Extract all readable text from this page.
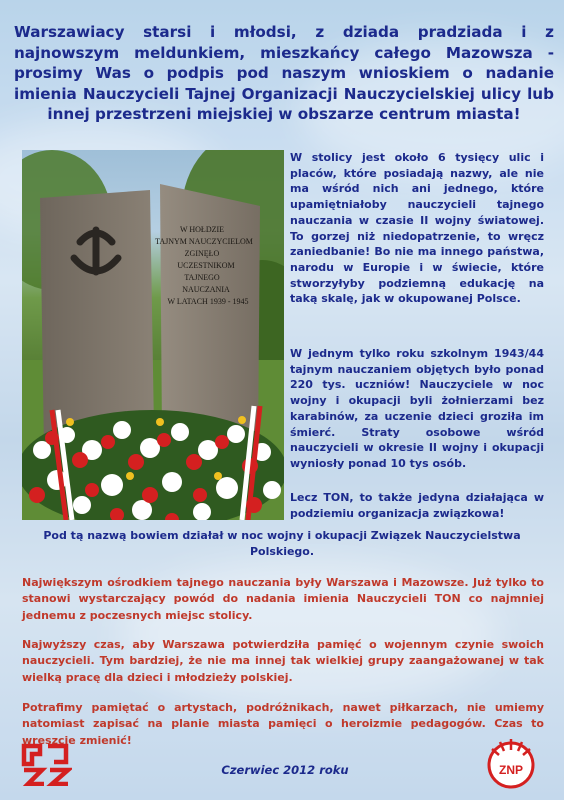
Warszawiacy starsi i młodsi, z dziada pradziada i z najnowszym meldunkiem, mieszkańcy całego Mazowsza - prosimy Was o podpis pod naszym wnioskiem o nadanie imienia Nauczycieli Tajnej Organizacji Nauczycielskiej ulicy lub innej przestrzeni miejskiej w obszarze centrum miasta!
W HOŁDZIE
TAJNYM NAUCZYCIELOM
ZGINĘŁO
UCZESTNIKOM
TAJNEGO
NAUCZANIA
W LATACH 1939 - 1945
W stolicy jest około 6 tysięcy ulic i placów, które posiadają nazwy, ale nie ma wśród nich ani jednego, które upamiętniałoby nauczycieli tajnego nauczania w czasie II wojny światowej. To gorzej niż niedopatrzenie, to wręcz zaniedbanie! Bo nie ma innego państwa, narodu w Europie i w świecie, które stworzyłyby podziemną edukację na taką skalę, jak w okupowanej Polsce.
W jednym tylko roku szkolnym 1943/44 tajnym nauczaniem objętych było ponad 220 tys. uczniów! Nauczyciele w noc wojny i okupacji byli żołnierzami bez karabinów, za uczenie dzieci groziła im śmierć. Straty osobowe wśród nauczycieli w okresie II wojny i okupacji wyniosły ponad 10 tys osób.
Lecz TON, to także jedyna działająca w podziemiu organizacja związkowa!
Pod tą nazwą bowiem działał w noc wojny i okupacji Związek Nauczycielstwa Polskiego.
Największym ośrodkiem tajnego nauczania były Warszawa i Mazowsze. Już tylko to stanowi wystarczający powód do nadania imienia Nauczycieli TON co najmniej jednemu z poczesnych miejsc stolicy.
Najwyższy czas, aby Warszawa potwierdziła pamięć o wojennym czynie swoich nauczycieli. Tym bardziej, że nie ma innej tak wielkiej grupy zaangażowanej w tak wielką pracę dla dzieci i młodzieży polskiej.
Potrafimy pamiętać o artystach, podróżnikach, nawet piłkarzach, nie umiemy natomiast zapisać na planie miasta pamięci o heroizmie pedagogów. Czas to wreszcie zmienić!
Czerwiec 2012 roku	ZNP
